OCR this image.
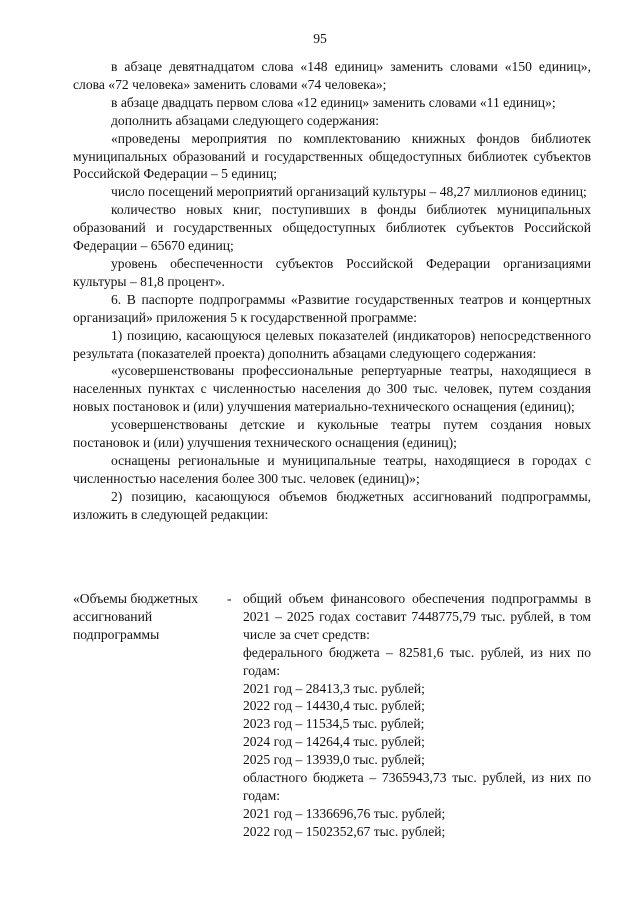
95

в абзаце девятнадцатом слова «148 единиц» заменить словами «150 единиц», слова «72 человека» заменить словами «74 человека»;

в абзаце двадцать первом слова «12 единиц» заменить словами «11 единиц»;

дополнить абзацами следующего содержания:

«проведены мероприятия по комплектованию книжных фондов библиотек муниципальных образований и государственных общедоступных библиотек субъектов Российской Федерации – 5 единиц;

число посещений мероприятий организаций культуры – 48,27 миллионов единиц;

количество новых книг, поступивших в фонды библиотек муниципальных образований и государственных общедоступных библиотек субъектов Российской Федерации – 65670 единиц;

уровень обеспеченности субъектов Российской Федерации организациями культуры – 81,8 процент».

6. В паспорте подпрограммы «Развитие государственных театров и концертных организаций» приложения 5 к государственной программе:

1) позицию, касающуюся целевых показателей (индикаторов) непосредственного результата (показателей проекта) дополнить абзацами следующего содержания:

«усовершенствованы профессиональные репертуарные театры, находящиеся в населенных пунктах с численностью населения до 300 тыс. человек, путем создания новых постановок и (или) улучшения материально-технического оснащения (единиц);

усовершенствованы детские и кукольные театры путем создания новых постановок и (или) улучшения технического оснащения (единиц);

оснащены региональные и муниципальные театры, находящиеся в городах с численностью населения более 300 тыс. человек (единиц)»;

2) позицию, касающуюся объемов бюджетных ассигнований подпрограммы, изложить в следующей редакции:

«Объемы бюджетных
ассигнований
подпрограммы
- общий объем финансового обеспечения подпрограммы в 2021 – 2025 годах составит 7448775,79 тыс. рублей, в том числе за счет средств:

федерального бюджета – 82581,6 тыс. рублей, из них по годам:

2021 год – 28413,3 тыс. рублей;
2022 год – 14430,4 тыс. рублей;
2023 год – 11534,5 тыс. рублей;
2024 год – 14264,4 тыс. рублей;
2025 год – 13939,0 тыс. рублей;

областного бюджета – 7365943,73 тыс. рублей, из них по годам:

2021 год – 1336696,76 тыс. рублей;
2022 год – 1502352,67 тыс. рублей;
